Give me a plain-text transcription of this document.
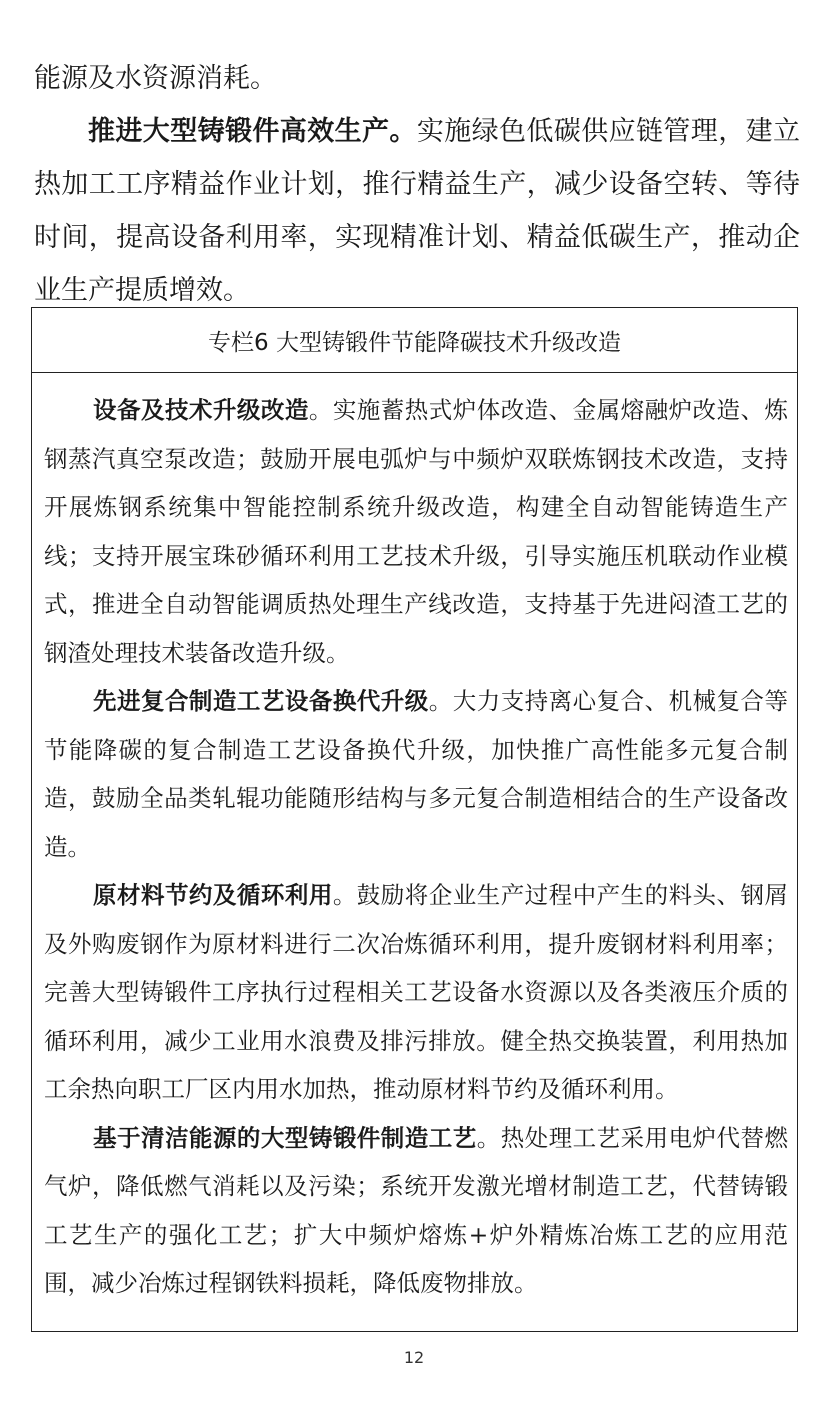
能源及水资源消耗。

推进大型铸锻件高效生产。实施绿色低碳供应链管理，建立热加工工序精益作业计划，推行精益生产，减少设备空转、等待时间，提高设备利用率，实现精准计划、精益低碳生产，推动企业生产提质增效。

专栏6 大型铸锻件节能降碳技术升级改造

设备及技术升级改造。实施蓄热式炉体改造、金属熔融炉改造、炼钢蒸汽真空泵改造；鼓励开展电弧炉与中频炉双联炼钢技术改造，支持开展炼钢系统集中智能控制系统升级改造，构建全自动智能铸造生产线；支持开展宝珠砂循环利用工艺技术升级，引导实施压机联动作业模式，推进全自动智能调质热处理生产线改造，支持基于先进闷渣工艺的钢渣处理技术装备改造升级。

先进复合制造工艺设备换代升级。大力支持离心复合、机械复合等节能降碳的复合制造工艺设备换代升级，加快推广高性能多元复合制造，鼓励全品类轧辊功能随形结构与多元复合制造相结合的生产设备改造。

原材料节约及循环利用。鼓励将企业生产过程中产生的料头、钢屑及外购废钢作为原材料进行二次冶炼循环利用，提升废钢材料利用率；完善大型铸锻件工序执行过程相关工艺设备水资源以及各类液压介质的循环利用，减少工业用水浪费及排污排放。健全热交换装置，利用热加工余热向职工厂区内用水加热，推动原材料节约及循环利用。

基于清洁能源的大型铸锻件制造工艺。热处理工艺采用电炉代替燃气炉，降低燃气消耗以及污染；系统开发激光增材制造工艺，代替铸锻工艺生产的强化工艺；扩大中频炉熔炼+炉外精炼冶炼工艺的应用范围，减少冶炼过程钢铁料损耗，降低废物排放。

12
